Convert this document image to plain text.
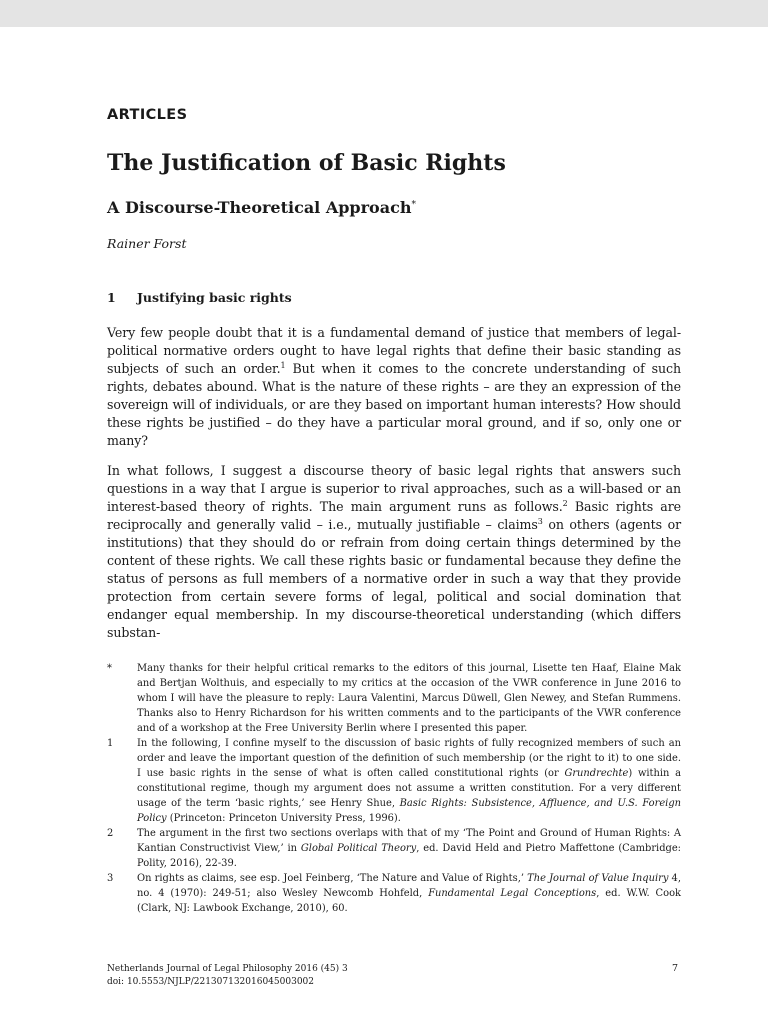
ARTICLES
The Justification of Basic Rights
A Discourse-Theoretical Approach*
Rainer Forst
1 Justifying basic rights

Very few people doubt that it is a fundamental demand of justice that members of legal-political normative orders ought to have legal rights that define their basic standing as subjects of such an order.$^1$ But when it comes to the concrete understanding of such rights, debates abound. What is the nature of these rights – are they an expression of the sovereign will of individuals, or are they based on important human interests? How should these rights be justified – do they have a particular moral ground, and if so, only one or many?

In what follows, I suggest a discourse theory of basic legal rights that answers such questions in a way that I argue is superior to rival approaches, such as a will-based or an interest-based theory of rights. The main argument runs as follows.$^2$ Basic rights are reciprocally and generally valid – i.e., mutually justifiable – claims$^3$ on others (agents or institutions) that they should do or refrain from doing certain things determined by the content of these rights. We call these rights basic or fundamental because they define the status of persons as full members of a normative order in such a way that they provide protection from certain severe forms of legal, political and social domination that endanger equal membership. In my discourse-theoretical understanding (which differs substan-

*	Many thanks for their helpful critical remarks to the editors of this journal, Lisette ten Haaf, Elaine Mak and Bertjan Wolthuis, and especially to my critics at the occasion of the VWR conference in June 2016 to whom I will have the pleasure to reply: Laura Valentini, Marcus Düwell, Glen Newey, and Stefan Rummens. Thanks also to Henry Richardson for his written comments and to the participants of the VWR conference and of a workshop at the Free University Berlin where I presented this paper.
1	In the following, I confine myself to the discussion of basic rights of fully recognized members of such an order and leave the important question of the definition of such membership (or the right to it) to one side. I use basic rights in the sense of what is often called constitutional rights (or Grundrechte) within a constitutional regime, though my argument does not assume a written constitution. For a very different usage of the term ‘basic rights,’ see Henry Shue, Basic Rights: Subsistence, Affluence, and U.S. Foreign Policy (Princeton: Princeton University Press, 1996).
2	The argument in the first two sections overlaps with that of my ‘The Point and Ground of Human Rights: A Kantian Constructivist View,’ in Global Political Theory, ed. David Held and Pietro Maffettone (Cambridge: Polity, 2016), 22-39.
3	On rights as claims, see esp. Joel Feinberg, ‘The Nature and Value of Rights,’ The Journal of Value Inquiry 4, no. 4 (1970): 249-51; also Wesley Newcomb Hohfeld, Fundamental Legal Conceptions, ed. W.W. Cook (Clark, NJ: Lawbook Exchange, 2010), 60.
Netherlands Journal of Legal Philosophy 2016 (45) 3
doi: 10.5553/NJLP/221307132016045003002
7
